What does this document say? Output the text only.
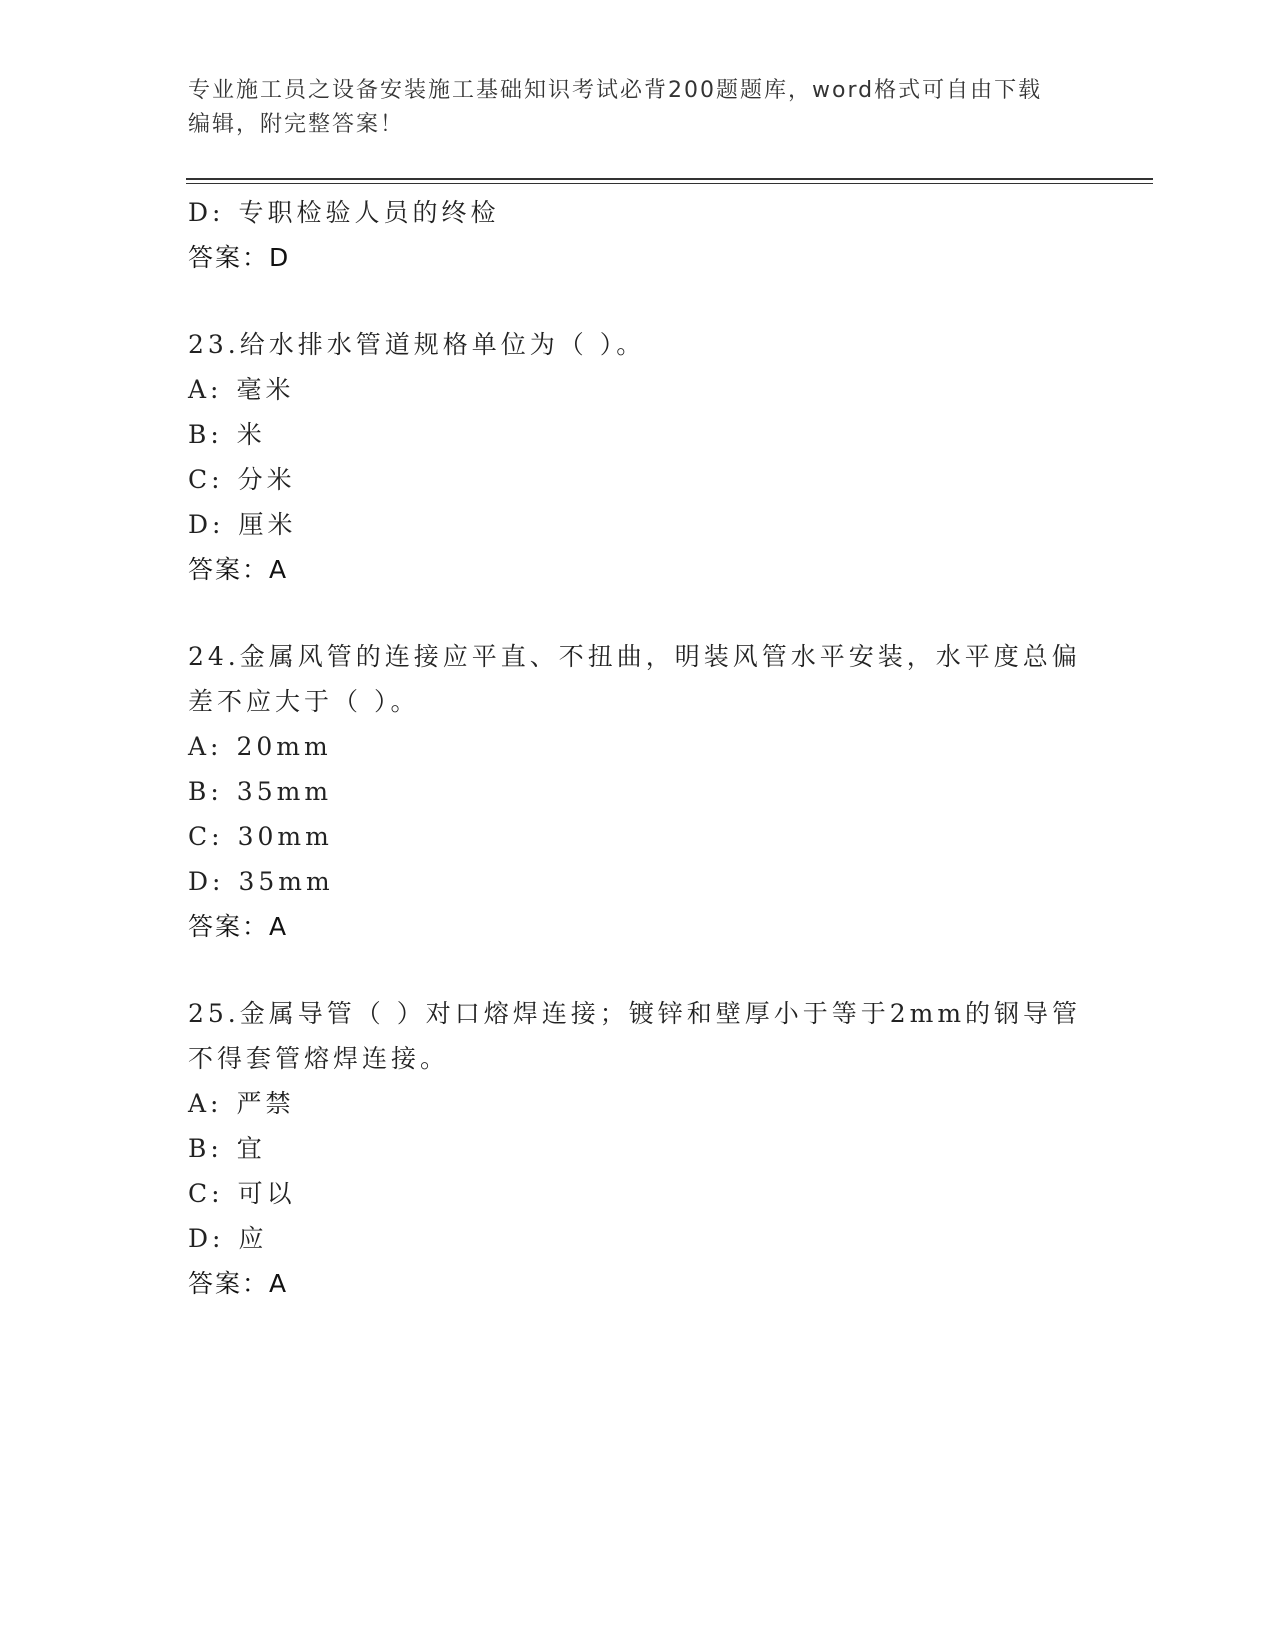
专业施工员之设备安装施工基础知识考试必背200题题库，word格式可自由下载
编辑，附完整答案！
D: 专职检验人员的终检
答案：D
23.给水排水管道规格单位为（ ）。
A: 毫米
B: 米
C: 分米
D: 厘米
答案：A
24.金属风管的连接应平直、不扭曲，明装风管水平安装，水平度总偏
差不应大于（ ）。
A: 20mm
B: 35mm
C: 30mm
D: 35mm
答案：A
25.金属导管（ ）对口熔焊连接；镀锌和壁厚小于等于2mm的钢导管
不得套管熔焊连接。
A: 严禁
B: 宜
C: 可以
D: 应
答案：A
